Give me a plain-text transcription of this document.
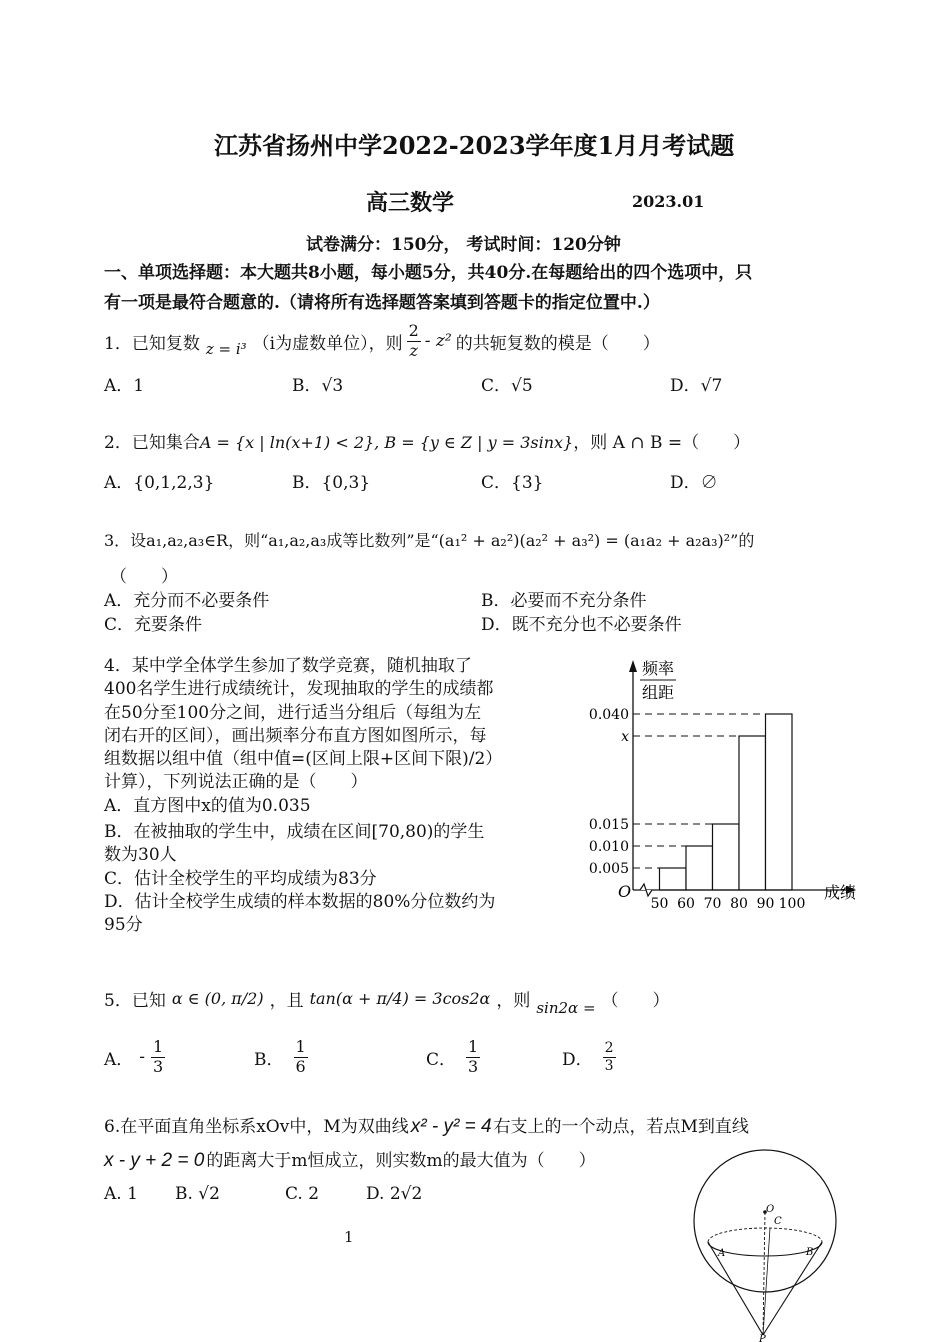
江苏省扬州中学2022-2023学年度1月月考试题
高三数学	2023.01
试卷满分：150分， 考试时间：120分钟
一、单项选择题：本大题共8小题，每小题5分，共40分.在每题给出的四个选项中，只
有一项是最符合题意的.（请将所有选择题答案填到答题卡的指定位置中.）
1．已知复数 z = i³ （i为虚数单位），则 $\frac{2}{z} - z^2$ 的共轭复数的模是（　　）
A．1	B．√3	C．√5	D．√7
2．已知集合A = {x | ln(x+1) < 2}, B = {y ∈ Z | y = 3sinx}，则 A ∩ B =（　　）
A．{0,1,2,3}	B．{0,3}	C．{3}	D．∅
3．设a₁,a₂,a₃∈R，则“a₁,a₂,a₃成等比数列”是“(a₁² + a₂²)(a₂² + a₃²) = (a₁a₂ + a₂a₃)²”的
（　　）
A．充分而不必要条件	B．必要而不充分条件
C．充要条件	D．既不充分也不必要条件
4．某中学全体学生参加了数学竞赛，随机抽取了
400名学生进行成绩统计，发现抽取的学生的成绩都
在50分至100分之间，进行适当分组后（每组为左
闭右开的区间），画出频率分布直方图如图所示，每
组数据以组中值（组中值=(区间上限+区间下限)/2）
计算），下列说法正确的是（　　）
A．直方图中x的值为0.035
B．在被抽取的学生中，成绩在区间[70,80)的学生
数为30人
C．估计全校学生的平均成绩为83分
D．估计全校学生成绩的样本数据的80%分位数约为
95分
频率
组距
O	成绩
50 60 70 80 90 100
0.005
0.010
0.015
x
0.040
5．已知 α ∈ (0, π/2) ，且 tan(α + π/4) = 3cos2α ，则 sin2α = （　　）
A． - $\frac{1}{3}$	B． $\frac{1}{6}$	C． $\frac{1}{3}$	D． $\frac{2}{3}$
6.在平面直角坐标系xOv中，M为双曲线 x² - y² = 4 右支上的一个动点，若点M到直线
x - y + 2 = 0 的距离大于m恒成立，则实数m的最大值为（　　）
A. 1 B. √2	C. 2	D. 2√2
O
C
A	B
P
1
